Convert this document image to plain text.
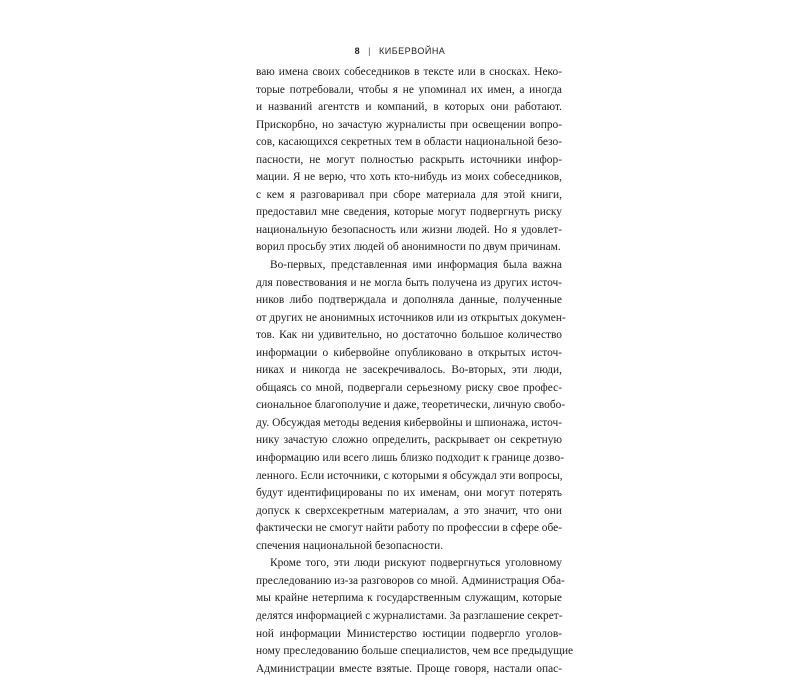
8 | КИБЕРВОЙНА
ваю имена своих собеседников в тексте или в сносках. Неко-
торые потребовали, чтобы я не упоминал их имен, а иногда
и названий агентств и компаний, в которых они работают.
Прискорбно, но зачастую журналисты при освещении вопро-
сов, касающихся секретных тем в области национальной безо-
пасности, не могут полностью раскрыть источники инфор-
мации. Я не верю, что хоть кто-нибудь из моих собеседников,
с кем я разговаривал при сборе материала для этой книги,
предоставил мне сведения, которые могут подвергнуть риску
национальную безопасность или жизни людей. Но я удовлет-
ворил просьбу этих людей об анонимности по двум причинам.
Во-первых, представленная ими информация была важна
для повествования и не могла быть получена из других источ-
ников либо подтверждала и дополняла данные, полученные
от других не анонимных источников или из открытых докумен-
тов. Как ни удивительно, но достаточно большое количество
информации о кибервойне опубликовано в открытых источ-
никах и никогда не засекречивалось. Во-вторых, эти люди,
общаясь со мной, подвергали серьезному риску свое профес-
сиональное благополучие и даже, теоретически, личную свобо-
ду. Обсуждая методы ведения кибервойны и шпионажа, источ-
нику зачастую сложно определить, раскрывает он секретную
информацию или всего лишь близко подходит к границе дозво-
ленного. Если источники, с которыми я обсуждал эти вопросы,
будут идентифицированы по их именам, они могут потерять
допуск к сверхсекретным материалам, а это значит, что они
фактически не смогут найти работу по профессии в сфере обе-
спечения национальной безопасности.
Кроме того, эти люди рискуют подвергнуться уголовному
преследованию из-за разговоров со мной. Администрация Оба-
мы крайне нетерпима к государственным служащим, которые
делятся информацией с журналистами. За разглашение секрет-
ной информации Министерство юстиции подвергло уголов-
ному преследованию больше специалистов, чем все предыдущие
Администрации вместе взятые. Проще говоря, настали опас-
